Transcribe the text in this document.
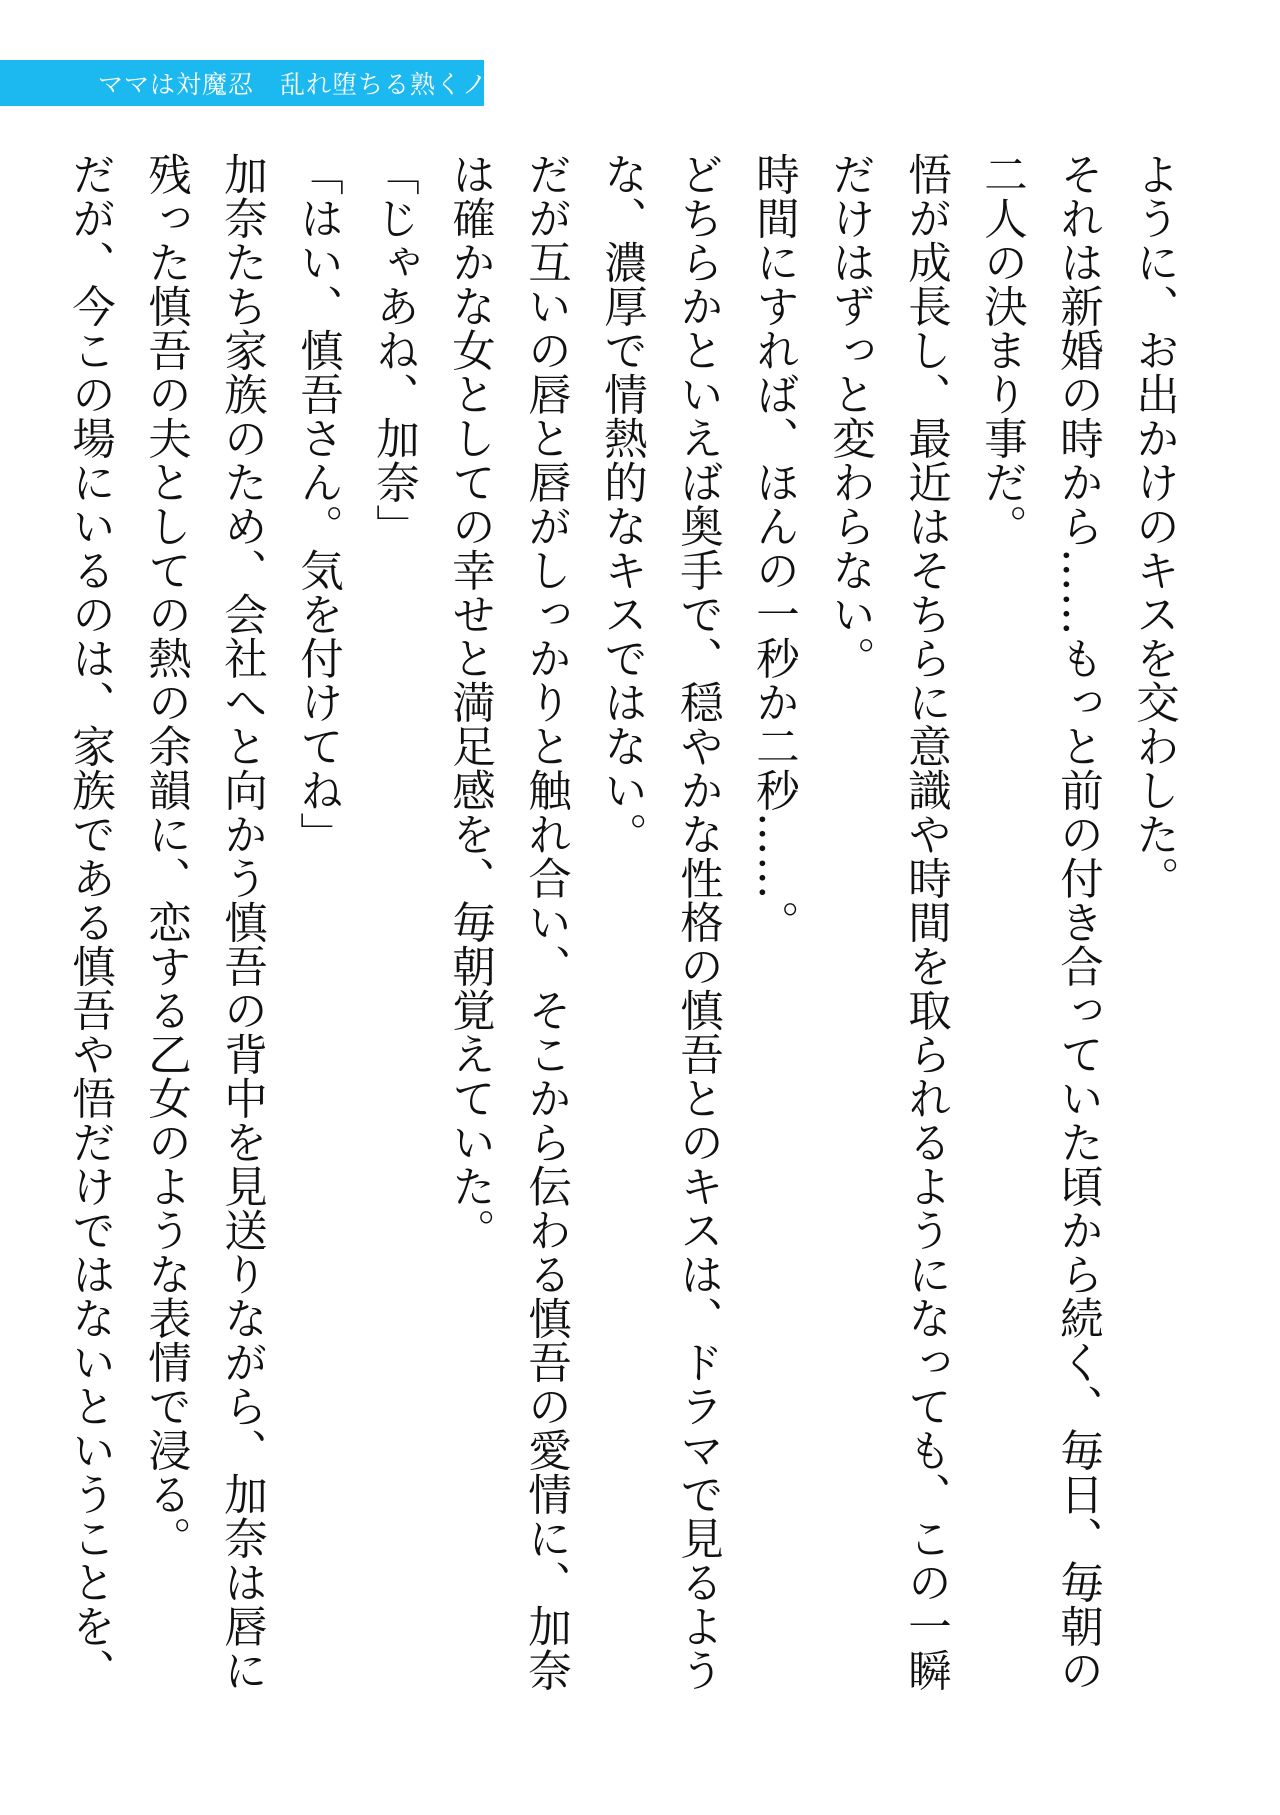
ママは対魔忍　乱れ堕ちる熟くノ一
ように、お出かけのキスを交わした。
それは新婚の時から……もっと前の付き合っていた頃から続く、毎日、毎朝の
二人の決まり事だ。
悟が成長し、最近はそちらに意識や時間を取られるようになっても、この一瞬
だけはずっと変わらない。
時間にすれば、ほんの一秒か二秒……。
どちらかといえば奥手で、穏やかな性格の慎吾とのキスは、ドラマで見るよう
な、濃厚で情熱的なキスではない。
だが互いの唇と唇がしっかりと触れ合い、そこから伝わる慎吾の愛情に、加奈
は確かな女としての幸せと満足感を、毎朝覚えていた。
「じゃあね、加奈」
「はい、慎吾さん。気を付けてね」
加奈たち家族のため、会社へと向かう慎吾の背中を見送りながら、加奈は唇に
残った慎吾の夫としての熱の余韻に、恋する乙女のような表情で浸る。
だが、今この場にいるのは、家族である慎吾や悟だけではないということを、
